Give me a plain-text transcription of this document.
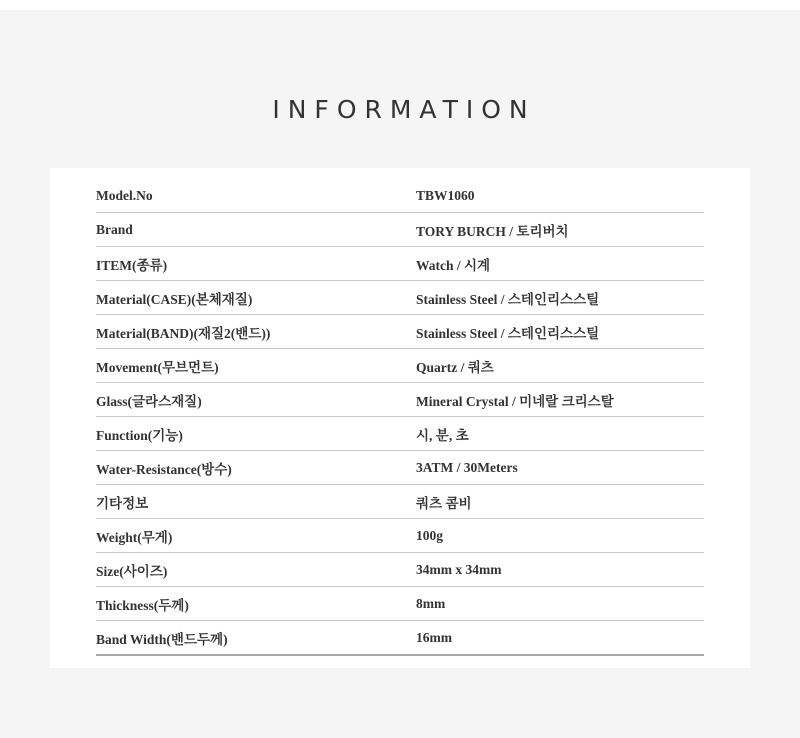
INFORMATION
Model.No	TBW1060
Brand	TORY BURCH / 토리버치
ITEM(종류)	Watch / 시계
Material(CASE)(본체재질)	Stainless Steel / 스테인리스스틸
Material(BAND)(재질2(밴드))	Stainless Steel / 스테인리스스틸
Movement(무브먼트)	Quartz / 쿼츠
Glass(글라스재질)	Mineral Crystal / 미네랄 크리스탈
Function(기능)	시, 분, 초
Water-Resistance(방수)	3ATM / 30Meters
기타정보	쿼츠 콤비
Weight(무게)	100g
Size(사이즈)	34mm x 34mm
Thickness(두께)	8mm
Band Width(밴드두께)	16mm
